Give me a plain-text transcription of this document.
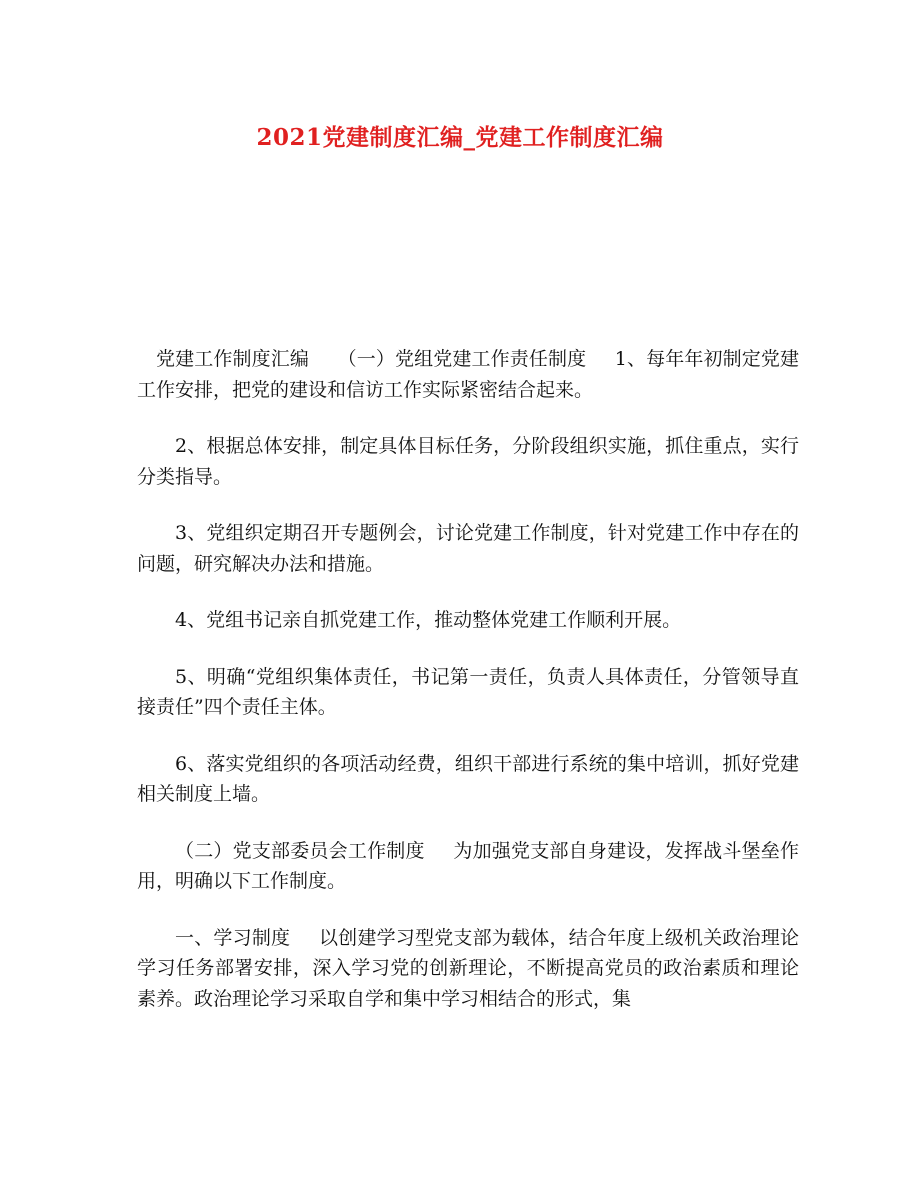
2021党建制度汇编_党建工作制度汇编

党建工作制度汇编 （一）党组党建工作责任制度 1、每年年初制定党建工作安排，把党的建设和信访工作实际紧密结合起来。

2、根据总体安排，制定具体目标任务，分阶段组织实施，抓住重点，实行分类指导。

3、党组织定期召开专题例会，讨论党建工作制度，针对党建工作中存在的问题，研究解决办法和措施。

4、党组书记亲自抓党建工作，推动整体党建工作顺利开展。

5、明确“党组织集体责任，书记第一责任，负责人具体责任，分管领导直接责任”四个责任主体。

6、落实党组织的各项活动经费，组织干部进行系统的集中培训，抓好党建相关制度上墙。

（二）党支部委员会工作制度 为加强党支部自身建设，发挥战斗堡垒作用，明确以下工作制度。

一、学习制度 以创建学习型党支部为载体，结合年度上级机关政治理论学习任务部署安排，深入学习党的创新理论，不断提高党员的政治素质和理论素养。政治理论学习采取自学和集中学习相结合的形式，集
